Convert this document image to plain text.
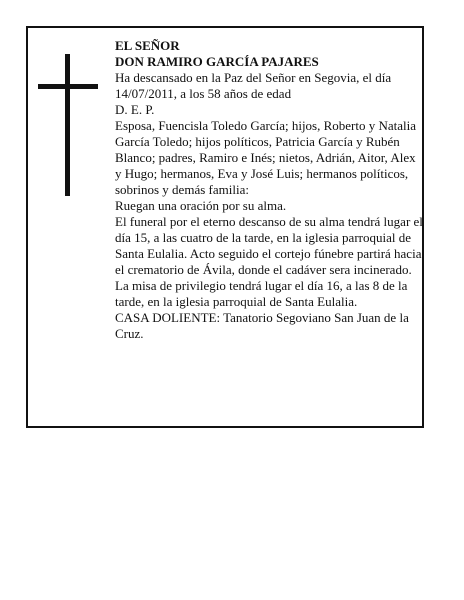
EL SEÑOR

DON RAMIRO GARCÍA PAJARES

Ha descansado en la Paz del Señor en Segovia, el día 14/07/2011, a los 58 años de edad

D. E. P.

Esposa, Fuencisla Toledo García; hijos, Roberto y Natalia García Toledo; hijos políticos, Patricia García y Rubén Blanco; padres, Ramiro e Inés; nietos, Adrián, Aitor, Alex y Hugo; hermanos, Eva y José Luis; hermanos políticos, sobrinos y demás familia:

Ruegan una oración por su alma.

El funeral por el eterno descanso de su alma tendrá lugar el día 15, a las cuatro de la tarde, en la iglesia parroquial de Santa Eulalia. Acto seguido el cortejo fúnebre partirá hacia el crematorio de Ávila, donde el cadáver sera incinerado.

La misa de privilegio tendrá lugar el día 16, a las 8 de la tarde, en la iglesia parroquial de Santa Eulalia.

CASA DOLIENTE: Tanatorio Segoviano San Juan de la Cruz.
